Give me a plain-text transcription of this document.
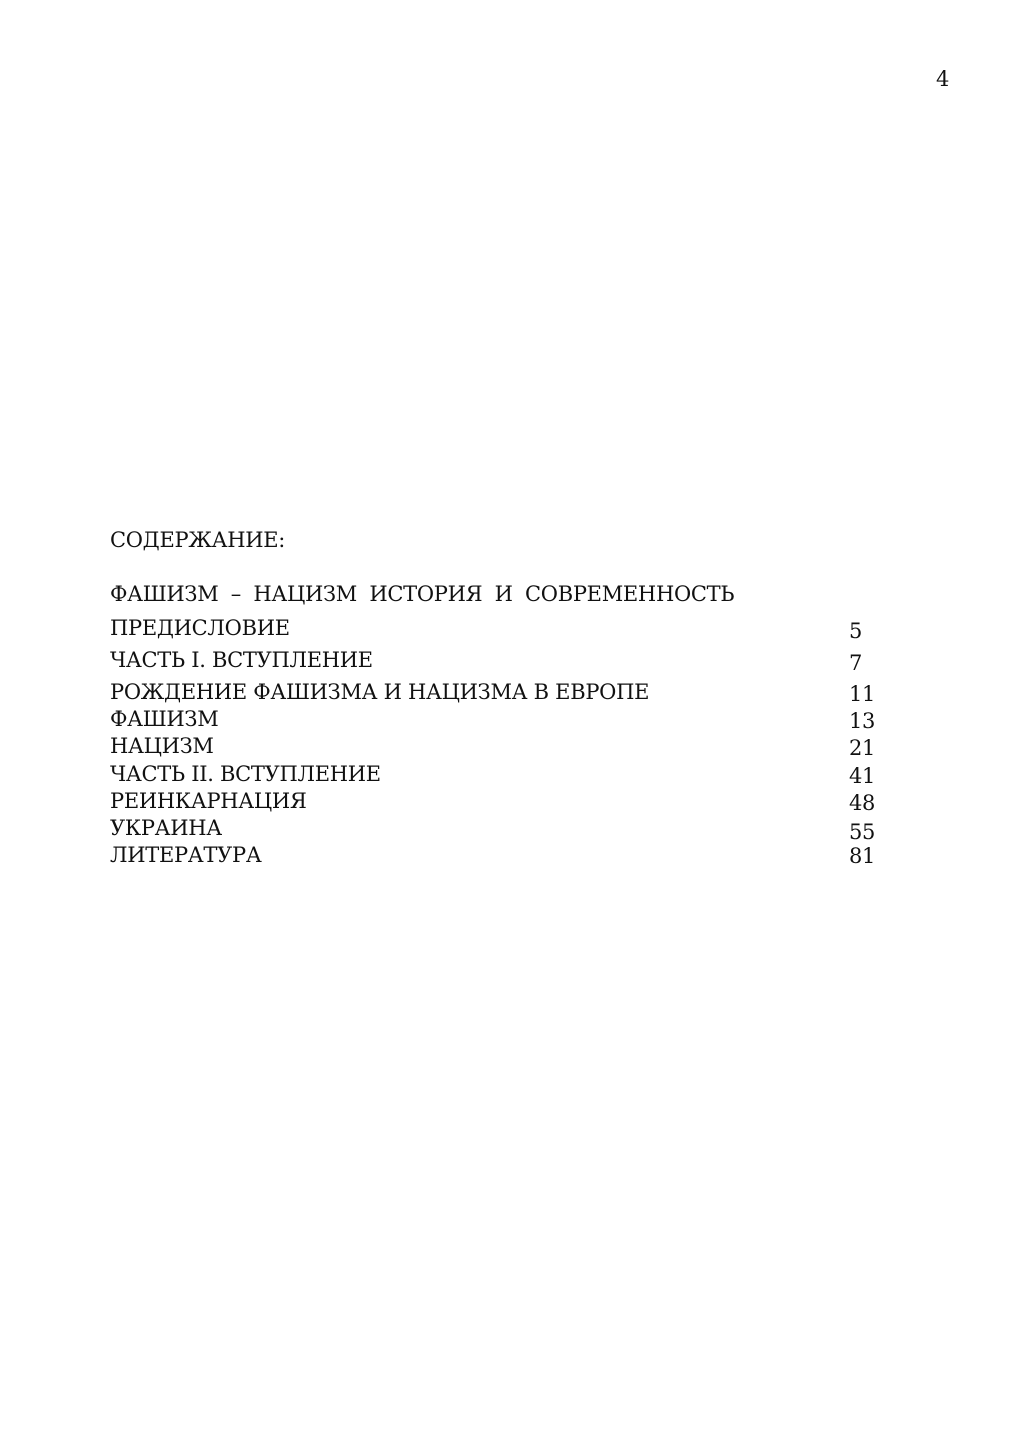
4
СОДЕРЖАНИЕ:
ФАШИЗМ – НАЦИЗМ ИСТОРИЯ И СОВРЕМЕННОСТЬ
ПРЕДИСЛОВИЕ	5
ЧАСТЬ I. ВСТУПЛЕНИЕ	7
РОЖДЕНИЕ ФАШИЗМА И НАЦИЗМА В ЕВРОПЕ	11
ФАШИЗМ	13
НАЦИЗМ	21
ЧАСТЬ II. ВСТУПЛЕНИЕ	41
РЕИНКАРНАЦИЯ	48
УКРАИНА	55
ЛИТЕРАТУРА	81
